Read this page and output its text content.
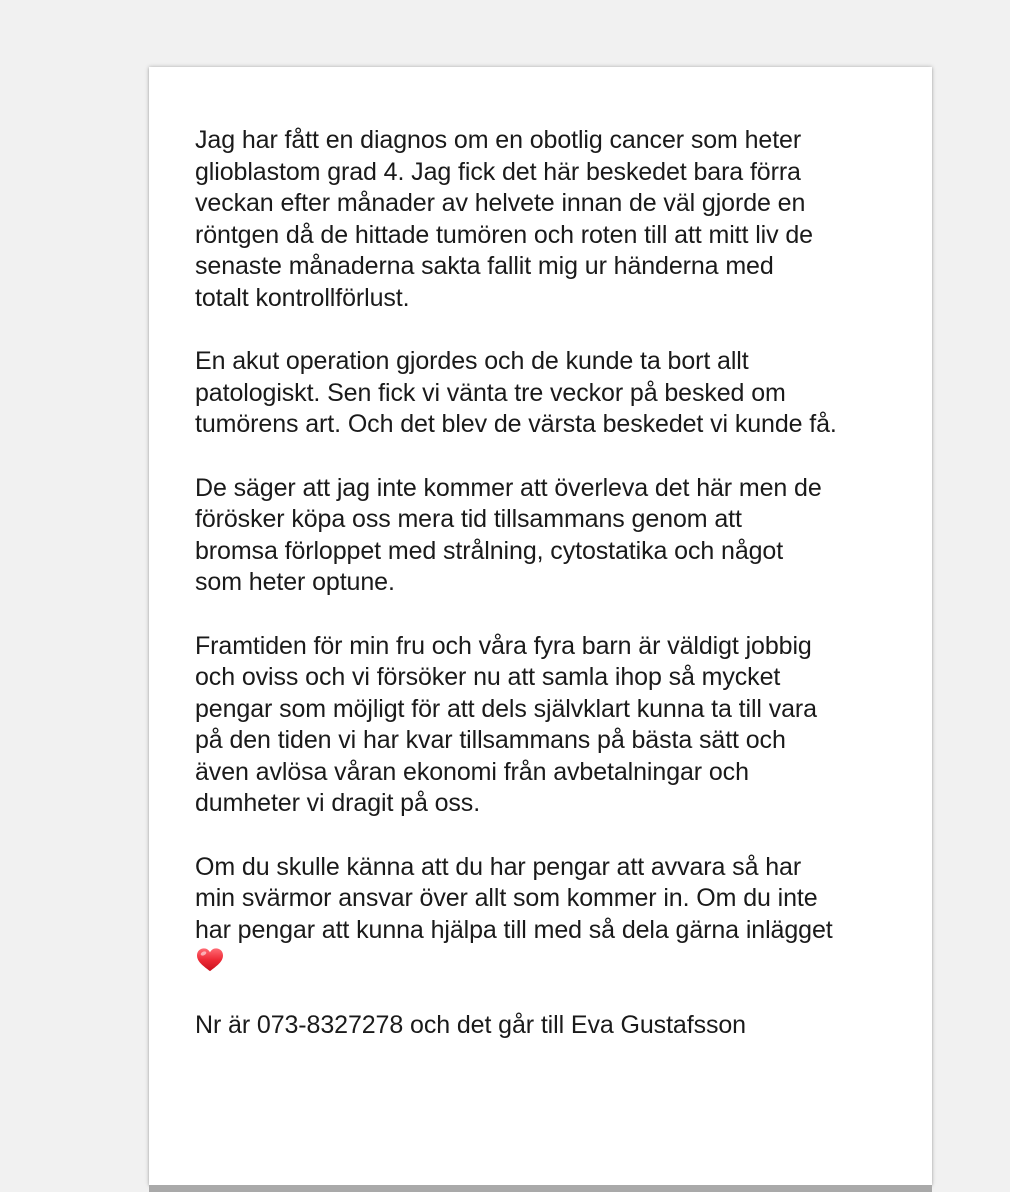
Jag har fått en diagnos om en obotlig cancer som heter
glioblastom grad 4. Jag fick det här beskedet bara förra
veckan efter månader av helvete innan de väl gjorde en
röntgen då de hittade tumören och roten till att mitt liv de
senaste månaderna sakta fallit mig ur händerna med
totalt kontrollförlust.

En akut operation gjordes och de kunde ta bort allt
patologiskt. Sen fick vi vänta tre veckor på besked om
tumörens art. Och det blev de värsta beskedet vi kunde få.

De säger att jag inte kommer att överleva det här men de
förösker köpa oss mera tid tillsammans genom att
bromsa förloppet med strålning, cytostatika och något
som heter optune.

Framtiden för min fru och våra fyra barn är väldigt jobbig
och oviss och vi försöker nu att samla ihop så mycket
pengar som möjligt för att dels självklart kunna ta till vara
på den tiden vi har kvar tillsammans på bästa sätt och
även avlösa våran ekonomi från avbetalningar och
dumheter vi dragit på oss.

Om du skulle känna att du har pengar att avvara så har
min svärmor ansvar över allt som kommer in. Om du inte
har pengar att kunna hjälpa till med så dela gärna inlägget

Nr är 073-8327278 och det går till Eva Gustafsson
